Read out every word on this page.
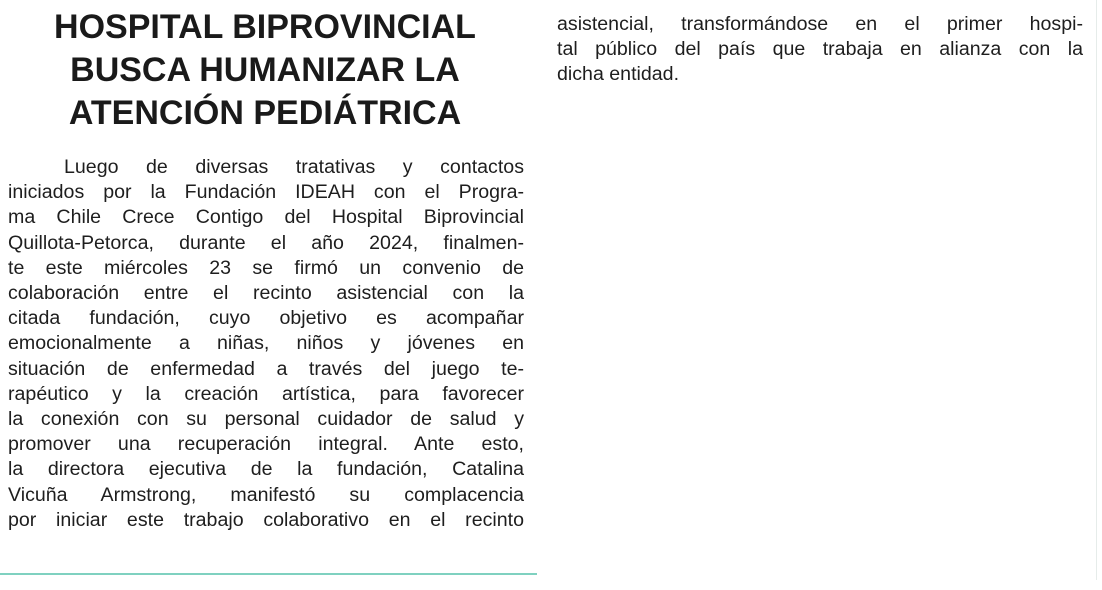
HOSPITAL BIPROVINCIAL
BUSCA HUMANIZAR LA
ATENCIÓN PEDIÁTRICA
Luego de diversas tratativas y contactos
iniciados por la Fundación IDEAH con el Progra-
ma Chile Crece Contigo del Hospital Biprovincial
Quillota-Petorca, durante el año 2024, finalmen-
te este miércoles 23 se firmó un convenio de
colaboración entre el recinto asistencial con la
citada fundación, cuyo objetivo es acompañar
emocionalmente a niñas, niños y jóvenes en
situación de enfermedad a través del juego te-
rapéutico y la creación artística, para favorecer
la conexión con su personal cuidador de salud y
promover una recuperación integral. Ante esto,
la directora ejecutiva de la fundación, Catalina
Vicuña Armstrong, manifestó su complacencia
por iniciar este trabajo colaborativo en el recinto
asistencial, transformándose en el primer hospi-
tal público del país que trabaja en alianza con la
dicha entidad.
